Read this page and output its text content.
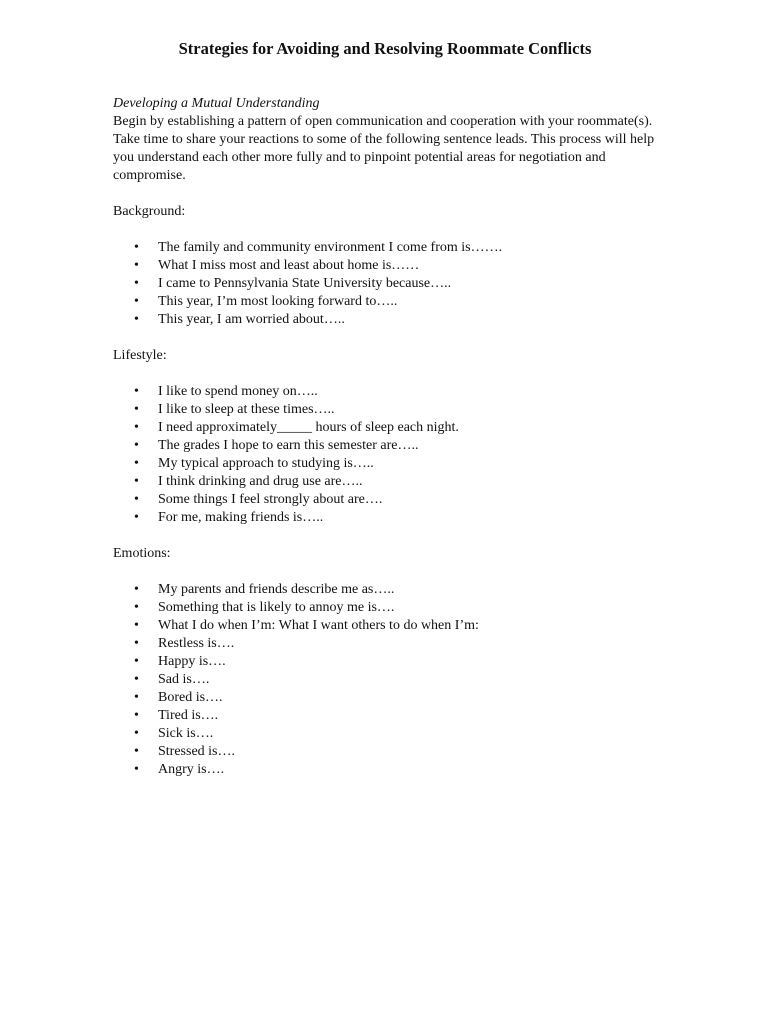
Strategies for Avoiding and Resolving Roommate Conflicts

Developing a Mutual Understanding

Begin by establishing a pattern of open communication and cooperation with your roommate(s). Take time to share your reactions to some of the following sentence leads. This process will help you understand each other more fully and to pinpoint potential areas for negotiation and compromise.

Background:

• The family and community environment I come from is…….
• What I miss most and least about home is……
• I came to Pennsylvania State University because…..
• This year, I’m most looking forward to…..
• This year, I am worried about…..

Lifestyle:

• I like to spend money on…..
• I like to sleep at these times…..
• I need approximately_____ hours of sleep each night.
• The grades I hope to earn this semester are…..
• My typical approach to studying is…..
• I think drinking and drug use are…..
• Some things I feel strongly about are….
• For me, making friends is…..

Emotions:

• My parents and friends describe me as…..
• Something that is likely to annoy me is….
• What I do when I’m: What I want others to do when I’m:
• Restless is….
• Happy is….
• Sad is….
• Bored is….
• Tired is….
• Sick is….
• Stressed is….
• Angry is….
